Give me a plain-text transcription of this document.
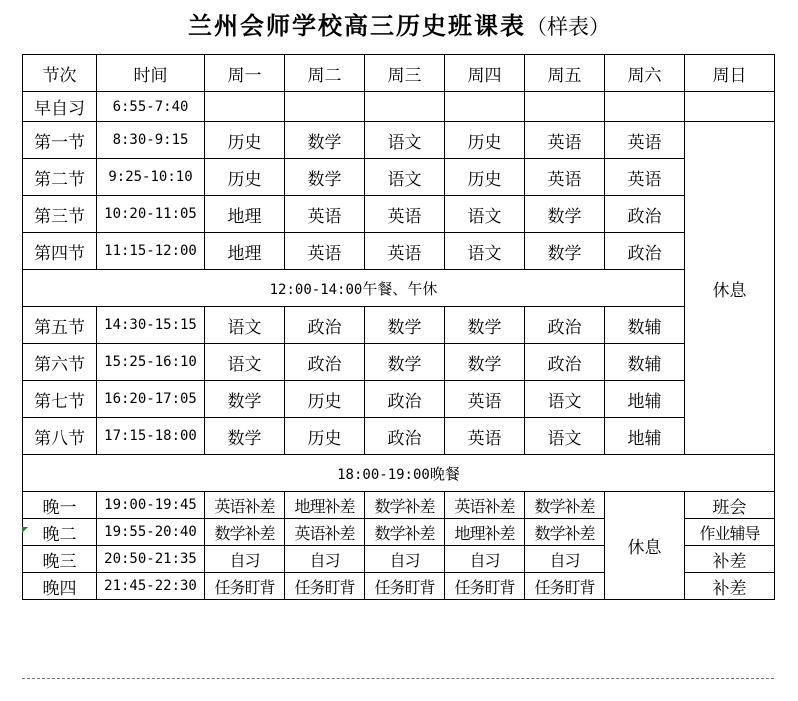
兰州会师学校高三历史班课表（样表）
节次	时间	周一	周二	周三	周四	周五	周六	周日
早自习	6:55-7:40							
第一节	8:30-9:15	历史	数学	语文	历史	英语	英语	休息
第二节	9:25-10:10	历史	数学	语文	历史	英语	英语	
第三节	10:20-11:05	地理	英语	英语	语文	数学	政治	
第四节	11:15-12:00	地理	英语	英语	语文	数学	政治	
12:00-14:00午餐、午休								
第五节	14:30-15:15	语文	政治	数学	数学	政治	数辅	
第六节	15:25-16:10	语文	政治	数学	数学	政治	数辅	
第七节	16:20-17:05	数学	历史	政治	英语	语文	地辅	
第八节	17:15-18:00	数学	历史	政治	英语	语文	地辅	
18:00-19:00晚餐								
晚一	19:00-19:45	英语补差	地理补差	数学补差	英语补差	数学补差	休息	班会
晚二	19:55-20:40	数学补差	英语补差	数学补差	地理补差	数学补差		作业辅导
晚三	20:50-21:35	自习	自习	自习	自习	自习		补差
晚四	21:45-22:30	任务盯背	任务盯背	任务盯背	任务盯背	任务盯背		补差
